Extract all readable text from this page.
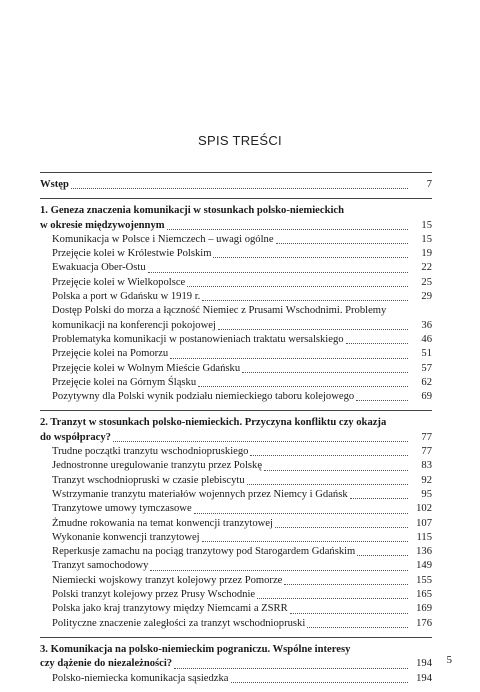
SPIS TREŚCI
Wstęp	7
1. Geneza znaczenia komunikacji w stosunkach polsko-niemieckich
w okresie międzywojennym	15
Komunikacja w Polsce i Niemczech – uwagi ogólne	15
Przejęcie kolei w Królestwie Polskim	19
Ewakuacja Ober-Ostu	22
Przejęcie kolei w Wielkopolsce	25
Polska a port w Gdańsku w 1919 r.	29
Dostęp Polski do morza a łączność Niemiec z Prusami Wschodnimi. Problemy
komunikacji na konferencji pokojowej	36
Problematyka komunikacji w postanowieniach traktatu wersalskiego	46
Przejęcie kolei na Pomorzu	51
Przejęcie kolei w Wolnym Mieście Gdańsku	57
Przejęcie kolei na Górnym Śląsku	62
Pozytywny dla Polski wynik podziału niemieckiego taboru kolejowego	69
2. Tranzyt w stosunkach polsko-niemieckich. Przyczyna konfliktu czy okazja
do współpracy?	77
Trudne początki tranzytu wschodniopruskiego	77
Jednostronne uregulowanie tranzytu przez Polskę	83
Tranzyt wschodniopruski w czasie plebiscytu	92
Wstrzymanie tranzytu materiałów wojennych przez Niemcy i Gdańsk	95
Tranzytowe umowy tymczasowe	102
Żmudne rokowania na temat konwencji tranzytowej	107
Wykonanie konwencji tranzytowej	115
Reperkusje zamachu na pociąg tranzytowy pod Starogardem Gdańskim	136
Tranzyt samochodowy	149
Niemiecki wojskowy tranzyt kolejowy przez Pomorze	155
Polski tranzyt kolejowy przez Prusy Wschodnie	165
Polska jako kraj tranzytowy między Niemcami a ZSRR	169
Polityczne znaczenie zaległości za tranzyt wschodniopruski	176
3. Komunikacja na polsko-niemieckim pograniczu. Wspólne interesy
czy dążenie do niezależności?	194
Polsko-niemiecka komunikacja sąsiedzka	194
5
